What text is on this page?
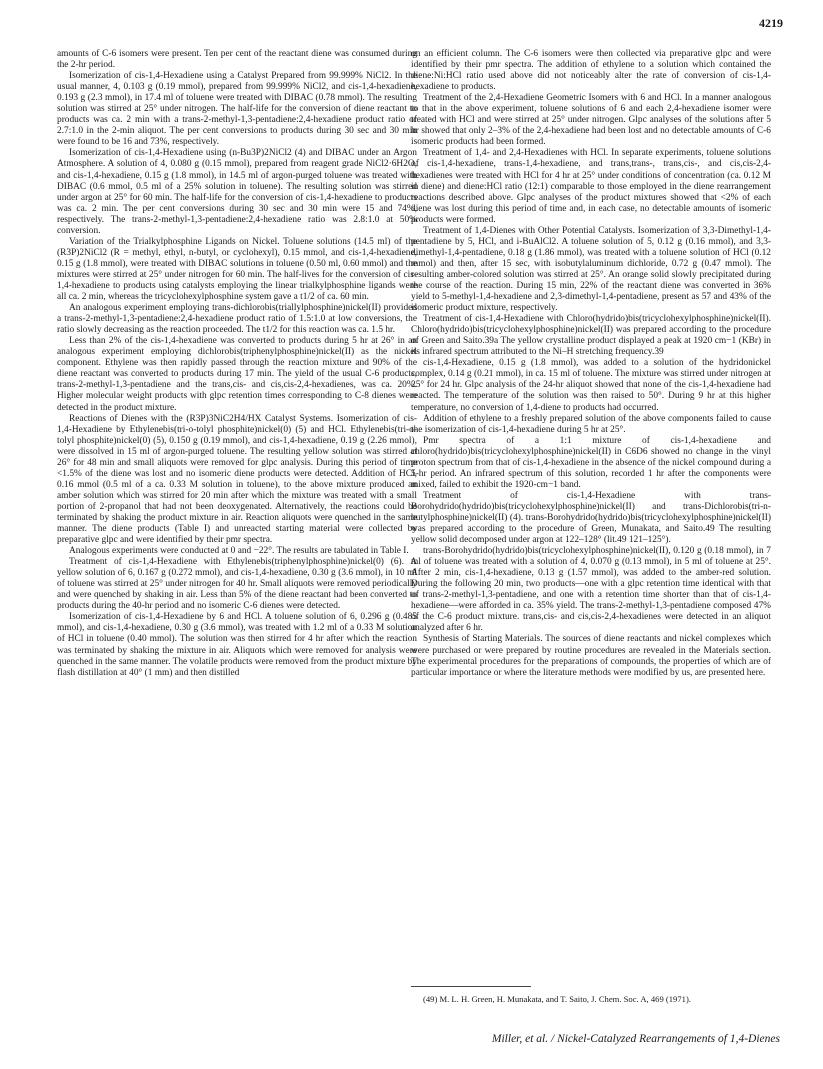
4219

amounts of C-6 isomers were present. Ten per cent of the reactant diene was consumed during the 2-hr period.

Isomerization of cis-1,4-Hexadiene using a Catalyst Prepared from 99.999% NiCl2. In the usual manner, 4, 0.103 g (0.19 mmol), prepared from 99.999% NiCl2, and cis-1,4-hexadiene, 0.193 g (2.3 mmol), in 17.4 ml of toluene were treated with DIBAC (0.78 mmol). The resulting solution was stirred at 25° under nitrogen. The half-life for the conversion of diene reactant to products was ca. 2 min with a trans-2-methyl-1,3-pentadiene:2,4-hexadiene product ratio of 2.7:1.0 in the 2-min aliquot. The per cent conversions to products during 30 sec and 30 min were found to be 16 and 73%, respectively.

Isomerization of cis-1,4-Hexadiene using (n-Bu3P)2NiCl2 (4) and DIBAC under an Argon Atmosphere. A solution of 4, 0.080 g (0.15 mmol), prepared from reagent grade NiCl2·6H2O, and cis-1,4-hexadiene, 0.15 g (1.8 mmol), in 14.5 ml of argon-purged toluene was treated with DIBAC (0.6 mmol, 0.5 ml of a 25% solution in toluene). The resulting solution was stirred under argon at 25° for 60 min. The half-life for the conversion of cis-1,4-hexadiene to products was ca. 2 min. The per cent conversions during 30 sec and 30 min were 15 and 74%, respectively. The trans-2-methyl-1,3-pentadiene:2,4-hexadiene ratio was 2.8:1.0 at 50% conversion.

Variation of the Trialkylphosphine Ligands on Nickel. Toluene solutions (14.5 ml) of the (R3P)2NiCl2 (R = methyl, ethyl, n-butyl, or cyclohexyl), 0.15 mmol, and cis-1,4-hexadiene, 0.15 g (1.8 mmol), were treated with DIBAC solutions in toluene (0.50 ml, 0.60 mmol) and the mixtures were stirred at 25° under nitrogen for 60 min. The half-lives for the conversion of cis-1,4-hexadiene to products using catalysts employing the linear trialkylphosphine ligands were all ca. 2 min, whereas the tricyclohexylphosphine system gave a t1/2 of ca. 60 min.

An analogous experiment employing trans-dichlorobis(triallylphosphine)nickel(II) provided a trans-2-methyl-1,3-pentadiene:2,4-hexadiene product ratio of 1.5:1.0 at low conversions, the ratio slowly decreasing as the reaction proceeded. The t1/2 for this reaction was ca. 1.5 hr.

Less than 2% of the cis-1,4-hexadiene was converted to products during 5 hr at 26° in an analogous experiment employing dichlorobis(triphenylphosphine)nickel(II) as the nickel component. Ethylene was then rapidly passed through the reaction mixture and 90% of the diene reactant was converted to products during 17 min. The yield of the usual C-6 products, trans-2-methyl-1,3-pentadiene and the trans,cis- and cis,cis-2,4-hexadienes, was ca. 20%. Higher molecular weight products with glpc retention times corresponding to C-8 dienes were detected in the product mixture.

Reactions of Dienes with the (R3P)3NiC2H4/HX Catalyst Systems. Isomerization of cis-1,4-Hexadiene by Ethylenebis(tri-o-tolyl phosphite)nickel(0) (5) and HCl. Ethylenebis(tri-o-tolyl phosphite)nickel(0) (5), 0.150 g (0.19 mmol), and cis-1,4-hexadiene, 0.19 g (2.26 mmol), were dissolved in 15 ml of argon-purged toluene. The resulting yellow solution was stirred at 26° for 48 min and small aliquots were removed for glpc analysis. During this period of time <1.5% of the diene was lost and no isomeric diene products were detected. Addition of HCl, 0.16 mmol (0.5 ml of a ca. 0.33 M solution in toluene), to the above mixture produced an amber solution which was stirred for 20 min after which the mixture was treated with a small portion of 2-propanol that had not been deoxygenated. Alternatively, the reactions could be terminated by shaking the product mixture in air. Reaction aliquots were quenched in the same manner. The diene products (Table I) and unreacted starting material were collected by preparative glpc and were identified by their pmr spectra.

Analogous experiments were conducted at 0 and −22°. The results are tabulated in Table I.

Treatment of cis-1,4-Hexadiene with Ethylenebis(triphenylphosphine)nickel(0) (6). A yellow solution of 6, 0.167 g (0.272 mmol), and cis-1,4-hexadiene, 0.30 g (3.6 mmol), in 10 ml of toluene was stirred at 25° under nitrogen for 40 hr. Small aliquots were removed periodically and were quenched by shaking in air. Less than 5% of the diene reactant had been converted to products during the 40-hr period and no isomeric C-6 dienes were detected.

Isomerization of cis-1,4-Hexadiene by 6 and HCl. A toluene solution of 6, 0.296 g (0.485 mmol), and cis-1,4-hexadiene, 0.30 g (3.6 mmol), was treated with 1.2 ml of a 0.33 M solution of HCl in toluene (0.40 mmol). The solution was then stirred for 4 hr after which the reaction was terminated by shaking the mixture in air. Aliquots which were removed for analysis were quenched in the same manner. The volatile products were removed from the product mixture by flash distillation at 40° (1 mm) and then distilled

on an efficient column. The C-6 isomers were then collected via preparative glpc and were identified by their pmr spectra. The addition of ethylene to a solution which contained the diene:Ni:HCl ratio used above did not noticeably alter the rate of conversion of cis-1,4-hexadiene to products.

Treatment of the 2,4-Hexadiene Geometric Isomers with 6 and HCl. In a manner analogous to that in the above experiment, toluene solutions of 6 and each 2,4-hexadiene isomer were treated with HCl and were stirred at 25° under nitrogen. Glpc analyses of the solutions after 5 hr showed that only 2–3% of the 2,4-hexadiene had been lost and no detectable amounts of C-6 isomeric products had been formed.

Treatment of 1,4- and 2,4-Hexadienes with HCl. In separate experiments, toluene solutions of cis-1,4-hexadiene, trans-1,4-hexadiene, and trans,trans-, trans,cis-, and cis,cis-2,4-hexadienes were treated with HCl for 4 hr at 25° under conditions of concentration (ca. 0.12 M in diene) and diene:HCl ratio (12:1) comparable to those employed in the diene rearrangement reactions described above. Glpc analyses of the product mixtures showed that <2% of each diene was lost during this period of time and, in each case, no detectable amounts of isomeric products were formed.

Treatment of 1,4-Dienes with Other Potential Catalysts. Isomerization of 3,3-Dimethyl-1,4-pentadiene by 5, HCl, and i-BuAlCl2. A toluene solution of 5, 0.12 g (0.16 mmol), and 3,3-dimethyl-1,4-pentadiene, 0.18 g (1.86 mmol), was treated with a toluene solution of HCl (0.12 mmol) and then, after 15 sec, with isobutylaluminum dichloride, 0.72 g (0.47 mmol). The resulting amber-colored solution was stirred at 25°. An orange solid slowly precipitated during the course of the reaction. During 15 min, 22% of the reactant diene was converted in 36% yield to 5-methyl-1,4-hexadiene and 2,3-dimethyl-1,4-pentadiene, present as 57 and 43% of the isomeric product mixture, respectively.

Treatment of cis-1,4-Hexadiene with Chloro(hydrido)bis(tricyclohexylphosphine)nickel(II). Chloro(hydrido)bis(tricyclohexylphosphine)nickel(II) was prepared according to the procedure of Green and Saito.39a The yellow crystalline product displayed a peak at 1920 cm−1 (KBr) in its infrared spectrum attributed to the Ni–H stretching frequency.39

cis-1,4-Hexadiene, 0.15 g (1.8 mmol), was added to a solution of the hydridonickel complex, 0.14 g (0.21 mmol), in ca. 15 ml of toluene. The mixture was stirred under nitrogen at 25° for 24 hr. Glpc analysis of the 24-hr aliquot showed that none of the cis-1,4-hexadiene had reacted. The temperature of the solution was then raised to 50°. During 9 hr at this higher temperature, no conversion of 1,4-diene to products had occurred.

Addition of ethylene to a freshly prepared solution of the above components failed to cause the isomerization of cis-1,4-hexadiene during 5 hr at 25°.

Pmr spectra of a 1:1 mixture of cis-1,4-hexadiene and chloro(hydrido)bis(tricyclohexylphosphine)nickel(II) in C6D6 showed no change in the vinyl proton spectrum from that of cis-1,4-hexadiene in the absence of the nickel compound during a 5-hr period. An infrared spectrum of this solution, recorded 1 hr after the components were mixed, failed to exhibit the 1920-cm−1 band.

Treatment of cis-1,4-Hexadiene with trans-Borohydrido(hydrido)bis(tricyclohexylphosphine)nickel(II) and trans-Dichlorobis(tri-n-butylphosphine)nickel(II) (4). trans-Borohydrido(hydrido)bis(tricyclohexylphosphine)nickel(II) was prepared according to the procedure of Green, Munakata, and Saito.49 The resulting yellow solid decomposed under argon at 122–128° (lit.49 121–125°).

trans-Borohydrido(hydrido)bis(tricyclohexylphosphine)nickel(II), 0.120 g (0.18 mmol), in 7 ml of toluene was treated with a solution of 4, 0.070 g (0.13 mmol), in 5 ml of toluene at 25°. After 2 min, cis-1,4-hexadiene, 0.13 g (1.57 mmol), was added to the amber-red solution. During the following 20 min, two products—one with a glpc retention time identical with that of trans-2-methyl-1,3-pentadiene, and one with a retention time shorter than that of cis-1,4-hexadiene—were afforded in ca. 35% yield. The trans-2-methyl-1,3-pentadiene composed 47% of the C-6 product mixture. trans,cis- and cis,cis-2,4-hexadienes were detected in an aliquot analyzed after 6 hr.

Synthesis of Starting Materials. The sources of diene reactants and nickel complexes which were purchased or were prepared by routine procedures are revealed in the Materials section. The experimental procedures for the preparations of compounds, the properties of which are of particular importance or where the literature methods were modified by us, are presented here.

(49) M. L. H. Green, H. Munakata, and T. Saito, J. Chem. Soc. A, 469 (1971).
Miller, et al. / Nickel-Catalyzed Rearrangements of 1,4-Dienes
